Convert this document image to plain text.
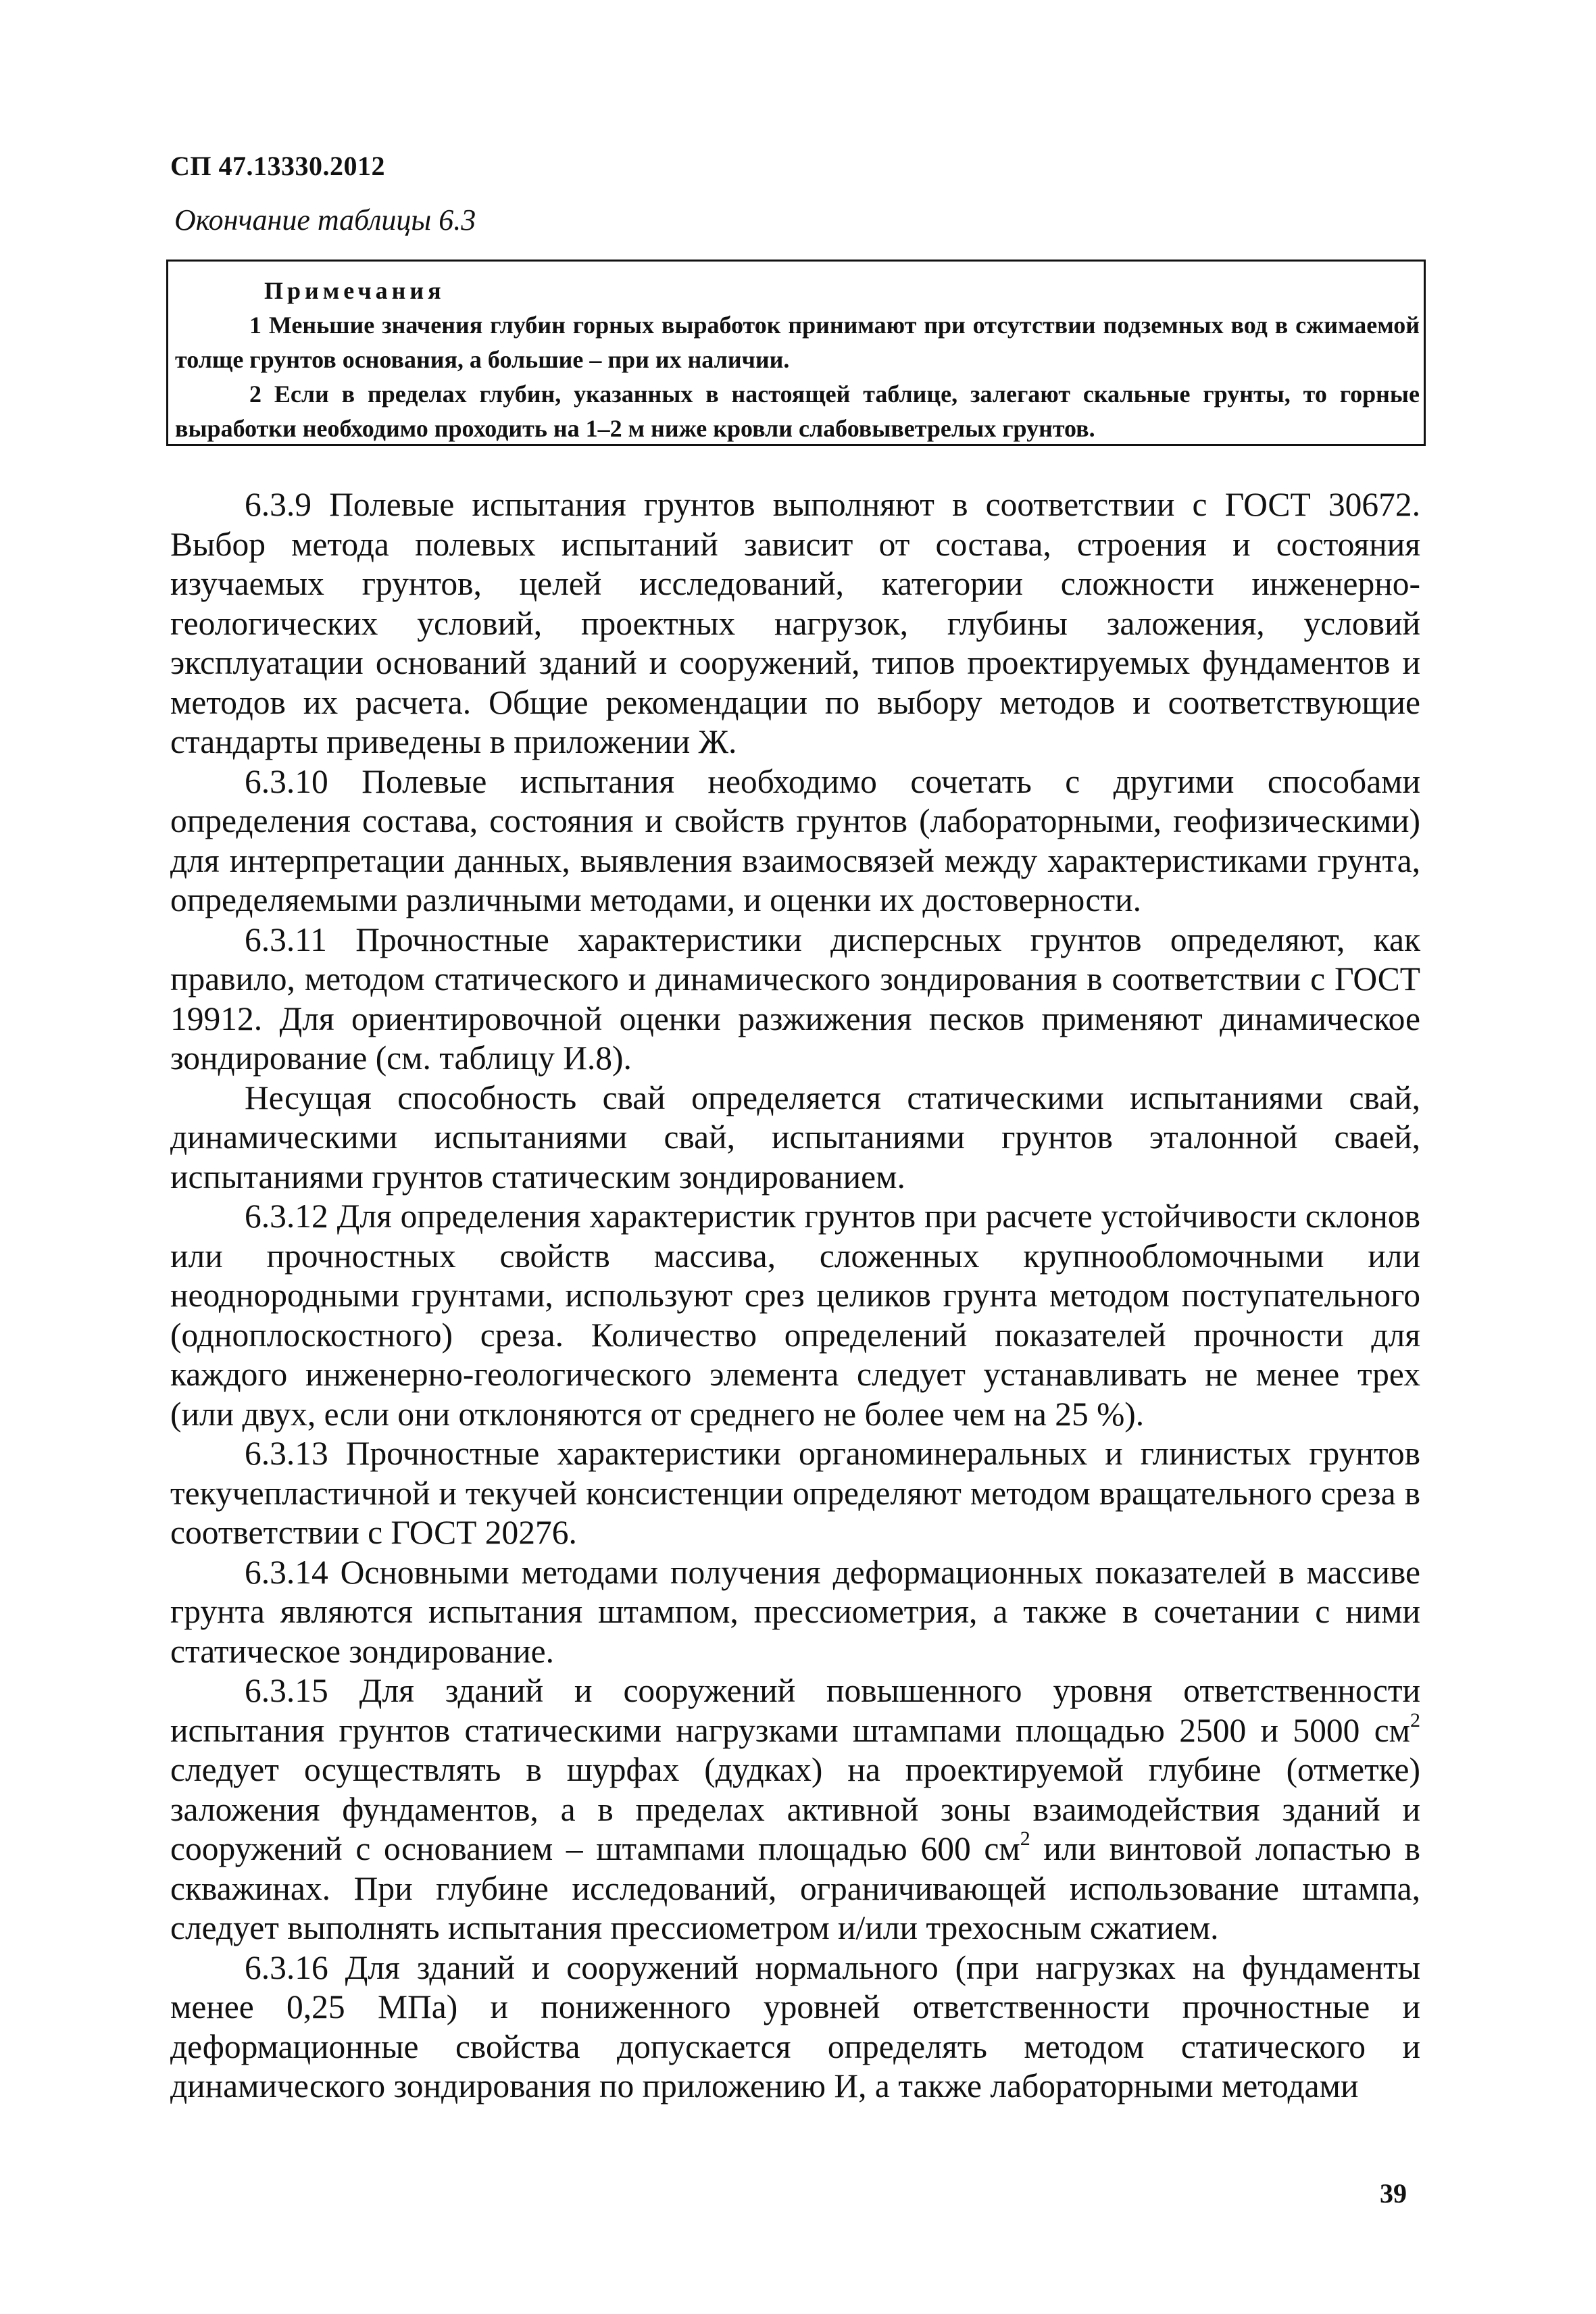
СП 47.13330.2012
Окончание таблицы 6.3
Примечания
1 Меньшие значения глубин горных выработок принимают при отсутствии подземных вод в сжимаемой толще грунтов основания, а большие – при их наличии.
2 Если в пределах глубин, указанных в настоящей таблице, залегают скальные грунты, то горные выработки необходимо проходить на 1–2 м ниже кровли слабовыветрелых грунтов.

6.3.9 Полевые испытания грунтов выполняют в соответствии с ГОСТ 30672. Выбор метода полевых испытаний зависит от состава, строения и состояния изучаемых грунтов, целей исследований, категории сложности инженерно-геологических условий, проектных нагрузок, глубины заложения, условий эксплуатации оснований зданий и сооружений, типов проектируемых фундаментов и методов их расчета. Общие рекомендации по выбору методов и соответствующие стандарты приведены в приложении Ж.

6.3.10 Полевые испытания необходимо сочетать с другими способами определения состава, состояния и свойств грунтов (лабораторными, геофизическими) для интерпретации данных, выявления взаимосвязей между характеристиками грунта, определяемыми различными методами, и оценки их достоверности.

6.3.11 Прочностные характеристики дисперсных грунтов определяют, как правило, методом статического и динамического зондирования в соответствии с ГОСТ 19912. Для ориентировочной оценки разжижения песков применяют динамическое зондирование (см. таблицу И.8).

Несущая способность свай определяется статическими испытаниями свай, динамическими испытаниями свай, испытаниями грунтов эталонной сваей, испытаниями грунтов статическим зондированием.

6.3.12 Для определения характеристик грунтов при расчете устойчивости склонов или прочностных свойств массива, сложенных крупнообломочными или неоднородными грунтами, используют срез целиков грунта методом поступательного (одноплоскостного) среза. Количество определений показателей прочности для каждого инженерно-геологического элемента следует устанавливать не менее трех (или двух, если они отклоняются от среднего не более чем на 25 %).

6.3.13 Прочностные характеристики органоминеральных и глинистых грунтов текучепластичной и текучей консистенции определяют методом вращательного среза в соответствии с ГОСТ 20276.

6.3.14 Основными методами получения деформационных показателей в массиве грунта являются испытания штампом, прессиометрия, а также в сочетании с ними статическое зондирование.

6.3.15 Для зданий и сооружений повышенного уровня ответственности испытания грунтов статическими нагрузками штампами площадью 2500 и 5000 $см^2$ следует осуществлять в шурфах (дудках) на проектируемой глубине (отметке) заложения фундаментов, а в пределах активной зоны взаимодействия зданий и сооружений с основанием – штампами площадью 600 $см^2$ или винтовой лопастью в скважинах. При глубине исследований, ограничивающей использование штампа, следует выполнять испытания прессиометром и/или трехосным сжатием.

6.3.16 Для зданий и сооружений нормального (при нагрузках на фундаменты менее 0,25 МПа) и пониженного уровней ответственности прочностные и деформационные свойства допускается определять методом статического и динамического зондирования по приложению И, а также лабораторными методами

39
